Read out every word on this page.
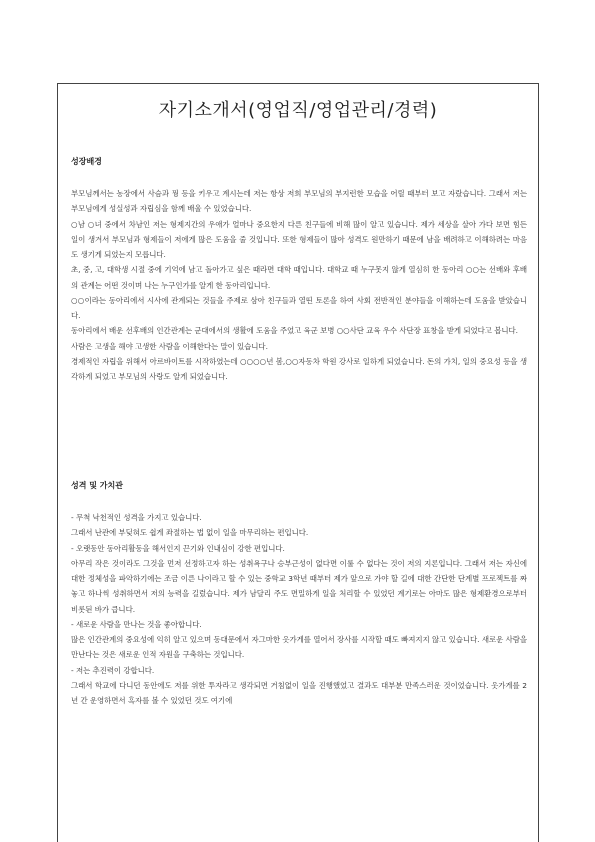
자기소개서(영업직/영업관리/경력)

성장배경

부모님께서는 농장에서 사슴과 꿩 등을 키우고 계시는데 저는 항상 저희 부모님의 부지런한 모습을 어릴 때부터 보고 자랐습니다. 그래서 저는 부모님에게 성실성과 자립심을 함께 배울 수 있었습니다.

○남 ○녀 중에서 차남인 저는 형제지간의 우애가 얼마나 중요한지 다른 친구들에 비해 많이 알고 있습니다. 제가 세상을 살아 가다 보면 힘든 일이 생겨서 부모님과 형제들이 저에게 많은 도움을 줄 것입니다. 또한 형제들이 많아 성격도 원만하기 때문에 남을 배려하고 이해하려는 마음도 생기게 되었는지 모릅니다.

초, 중, 고, 대학생 시절 중에 기억에 남고 돌아가고 싶은 때라면 대학 때입니다. 대학교 때 누구못지 않게 열심히 한 동아리 ○○는 선배와 후배의 관계는 어떤 것이며 나는 누구인가를 알게 한 동아리입니다.

○○이라는 동아리에서 시사에 관계되는 것들을 주제로 삼아 친구들과 열띤 토론을 하여 사회 전반적인 분야들을 이해하는데 도움을 받았습니다.

동아리에서 배운 선후배의 인간관계는 군대에서의 생활에 도움을 주었고 육군 보병 ○○사단 교육 우수 사단장 표창을 받게 되었다고 봅니다.

사람은 고생을 해야 고생한 사람을 이해한다는 말이 있습니다.

경제적인 자립을 위해서 아르바이트를 시작하였는데 ○○○○년 봄,○○자동차 학원 강사로 일하게 되었습니다. 돈의 가치, 일의 중요성 등을 생각하게 되었고 부모님의 사랑도 알게 되었습니다.

성격 및 가치관

- 무척 낙천적인 성격을 가지고 있습니다.

그래서 난관에 부딪혀도 쉽게 좌절하는 법 없이 일을 마무리하는 편입니다.

- 오랫동안 동아리활동을 해서인지 끈기와 인내심이 강한 편입니다.

아무리 작은 것이라도 그것을 먼저 선정하고자 하는 성취욕구나 승부근성이 없다면 이룰 수 없다는 것이 저의 지론입니다. 그래서 저는 자신에 대한 정체성을 파악하기에는 조금 이른 나이라고 할 수 있는 중학교 3학년 때부터 제가 앞으로 가야 할 길에 대한 간단한 단계별 프로젝트를 짜놓고 하나씩 성취하면서 저의 능력을 길렀습니다. 제가 남달리 주도 면밀하게 일을 처리할 수 있었던 계기로는 아마도 많은 형제환경으로부터 비롯된 바가 큽니다.

- 새로운 사람을 만나는 것을 좋아합니다.

많은 인간관계의 중요성에 익히 알고 있으며 동대문에서 자그마한 옷가게를 열어서 장사를 시작할 때도 빠져지지 않고 있습니다. 새로운 사람을 만난다는 것은 새로운 인적 자원을 구축하는 것입니다.

- 저는 추진력이 강합니다.

그래서 학교에 다니던 동안에도 저를 위한 투자라고 생각되면 거침없이 일을 진행했었고 결과도 대부분 만족스러운 것이었습니다. 옷가게를 2년 간 운영하면서 흑자를 볼 수 있었던 것도 여기에
